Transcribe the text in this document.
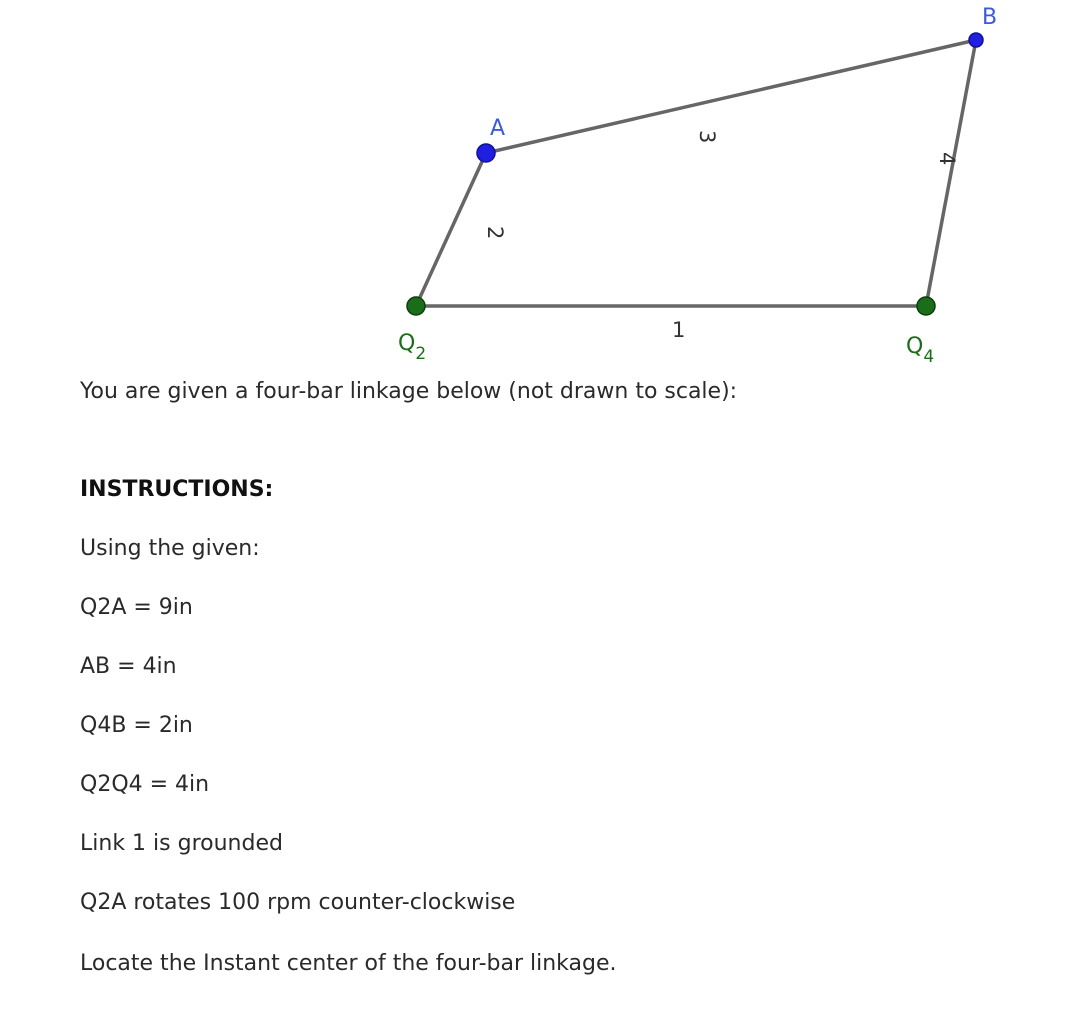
A
B
$Q_2$	$Q_4$
1
2
3
4

You are given a four-bar linkage below (not drawn to scale):

INSTRUCTIONS:

Using the given:

Q2A = 9in

AB = 4in

Q4B = 2in

Q2Q4 = 4in

Link 1 is grounded

Q2A rotates 100 rpm counter-clockwise

Locate the Instant center of the four-bar linkage.
